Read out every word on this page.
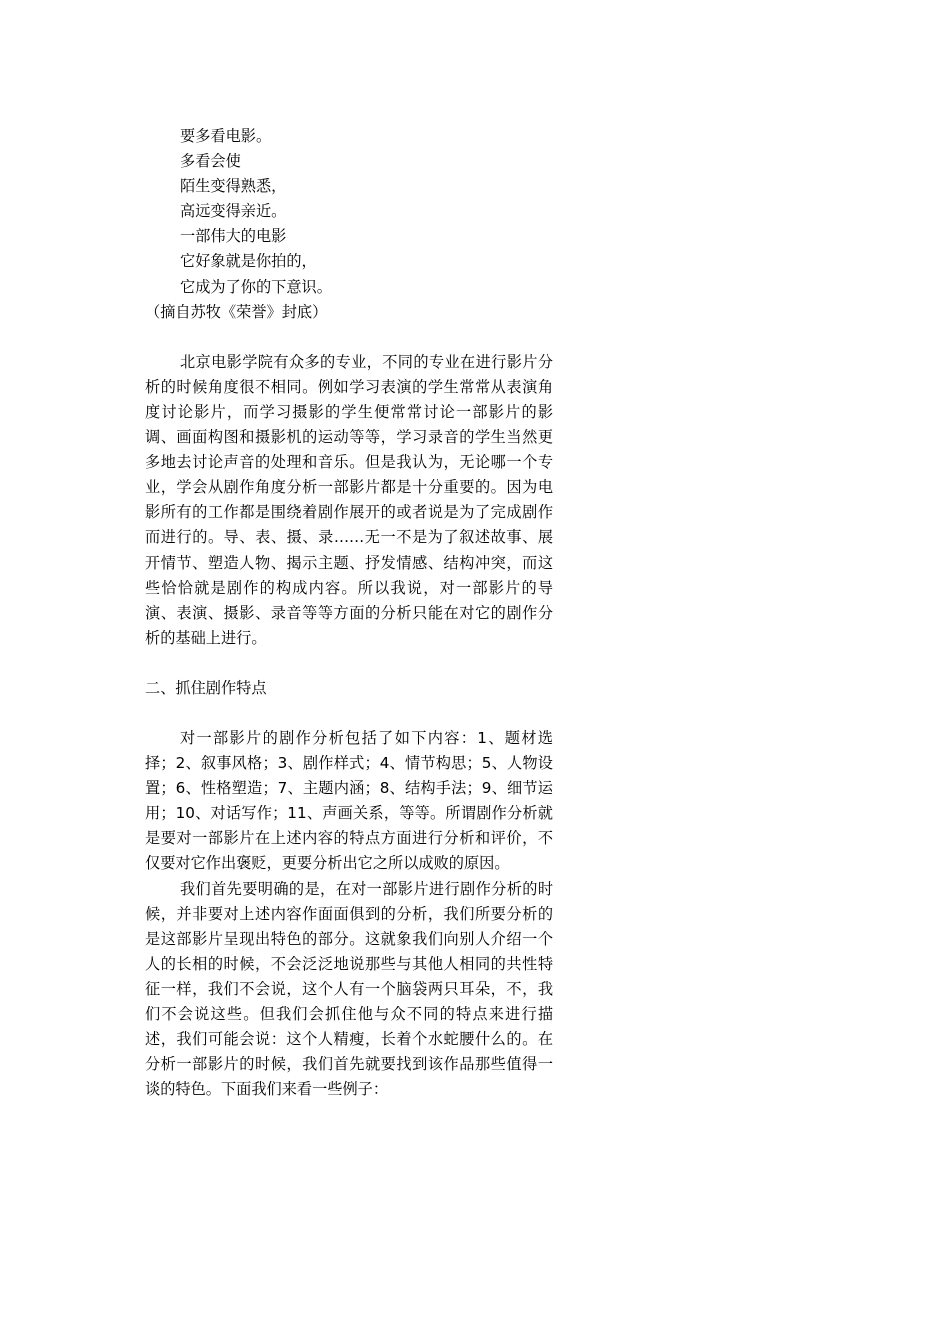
要多看电影。
多看会使
陌生变得熟悉，
高远变得亲近。
一部伟大的电影
它好象就是你拍的，
它成为了你的下意识。
（摘自苏牧《荣誉》封底）

北京电影学院有众多的专业，不同的专业在进行影片分析的时候角度很不相同。例如学习表演的学生常常从表演角度讨论影片，而学习摄影的学生便常常讨论一部影片的影调、画面构图和摄影机的运动等等，学习录音的学生当然更多地去讨论声音的处理和音乐。但是我认为，无论哪一个专业，学会从剧作角度分析一部影片都是十分重要的。因为电影所有的工作都是围绕着剧作展开的或者说是为了完成剧作而进行的。导、表、摄、录……无一不是为了叙述故事、展开情节、塑造人物、揭示主题、抒发情感、结构冲突，而这些恰恰就是剧作的构成内容。所以我说，对一部影片的导演、表演、摄影、录音等等方面的分析只能在对它的剧作分析的基础上进行。

二、抓住剧作特点

对一部影片的剧作分析包括了如下内容：1、题材选择；2、叙事风格；3、剧作样式；4、情节构思；5、人物设置；6、性格塑造；7、主题内涵；8、结构手法；9、细节运用；10、对话写作；11、声画关系，等等。所谓剧作分析就是要对一部影片在上述内容的特点方面进行分析和评价，不仅要对它作出褒贬，更要分析出它之所以成败的原因。

我们首先要明确的是，在对一部影片进行剧作分析的时候，并非要对上述内容作面面俱到的分析，我们所要分析的是这部影片呈现出特色的部分。这就象我们向别人介绍一个人的长相的时候，不会泛泛地说那些与其他人相同的共性特征一样，我们不会说，这个人有一个脑袋两只耳朵，不，我们不会说这些。但我们会抓住他与众不同的特点来进行描述，我们可能会说：这个人精瘦，长着个水蛇腰什么的。在分析一部影片的时候，我们首先就要找到该作品那些值得一谈的特色。下面我们来看一些例子：
